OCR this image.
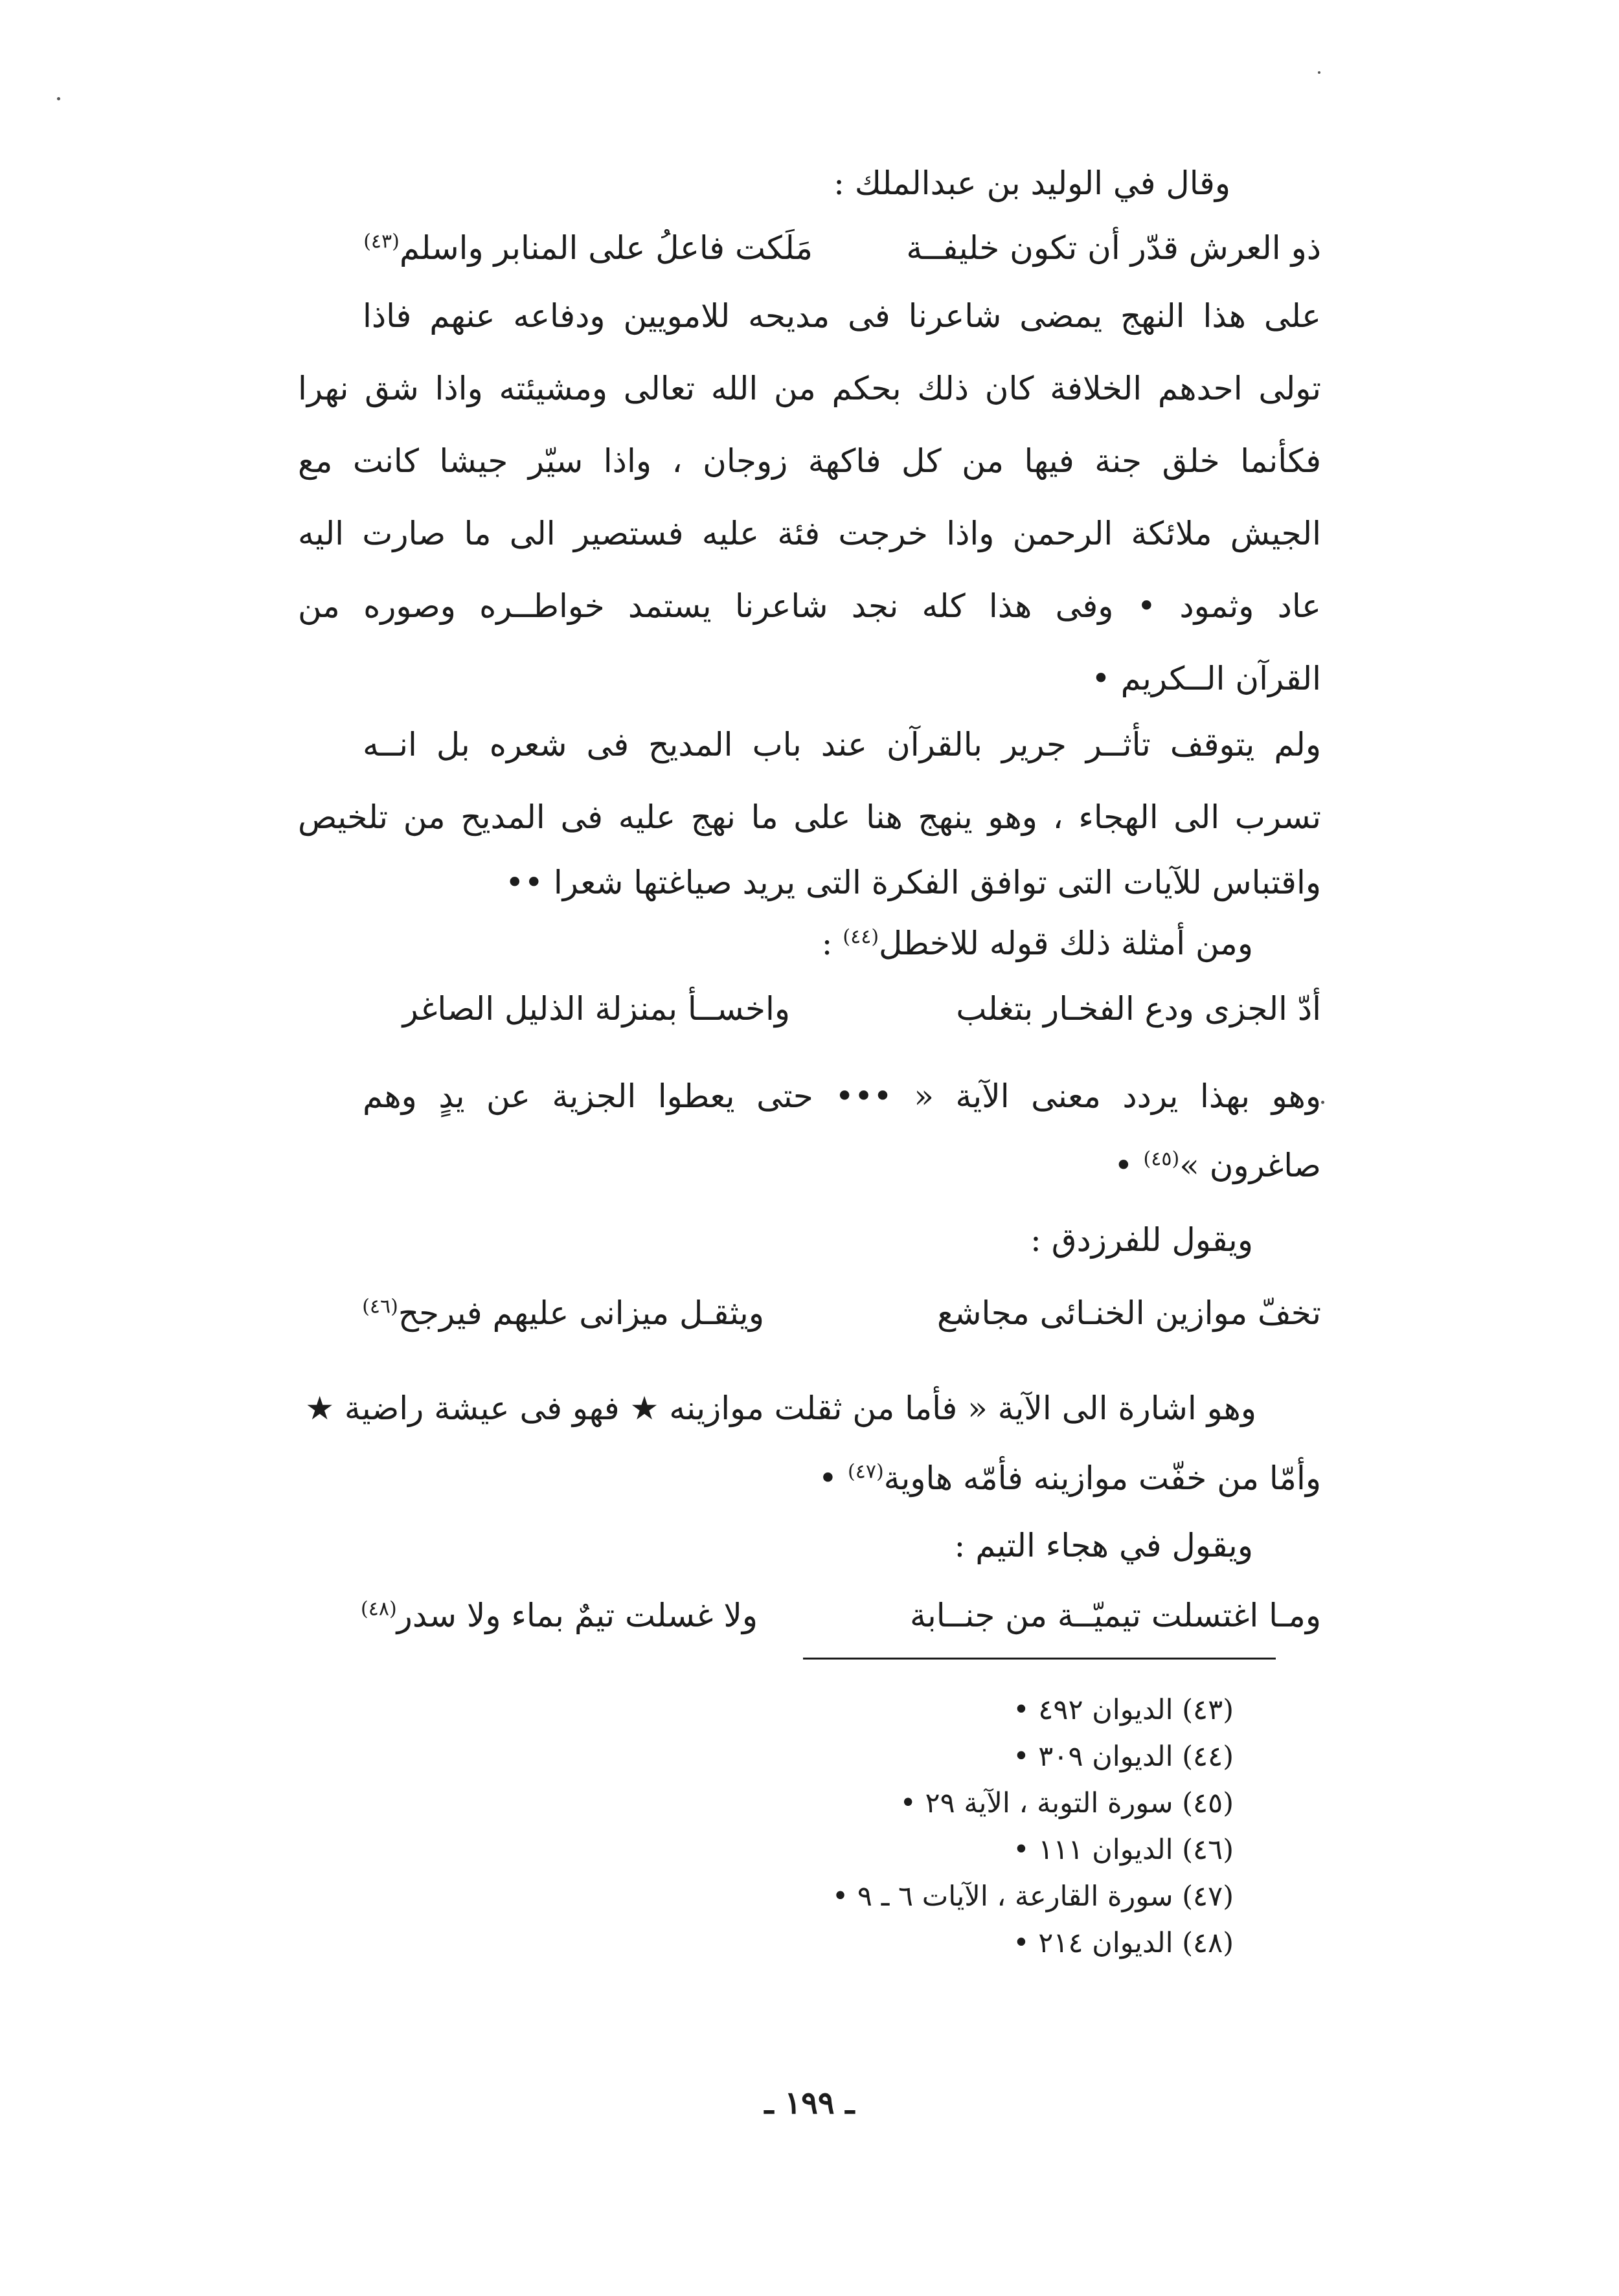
وقال في الوليد بن عبدالملك :
ذو العرش قدّر أن تكون خليفــة
مَلَكت فاعلُ على المنابر واسلم$^{(٤٣)}$
على هذا النهج يمضى شاعرنا فى مديحه للامويين ودفاعه عنهم فاذا
تولى احدهم الخلافة كان ذلك بحكم من الله تعالى ومشيئته واذا شق نهرا
فكأنما خلق جنة فيها من كل فاكهة زوجان ، واذا سيّر جيشا كانت مع
الجيش ملائكة الرحمن واذا خرجت فئة عليه فستصير الى ما صارت اليه
عاد وثمود • وفى هذا كله نجد شاعرنا يستمد خواطــره وصوره من
القرآن الــكريم •
ولم يتوقف تأثــر جرير بالقرآن عند باب المديح فى شعره بل انــه
تسرب الى الهجاء ، وهو ينهج هنا على ما نهج عليه فى المديح من تلخيص
واقتباس للآيات التى توافق الفكرة التى يريد صياغتها شعرا ••
ومن أمثلة ذلك قوله للاخطل$^{(٤٤)}$ :
أدّ الجزى ودع الفخـار بتغلب
واخســأ بمنزلة الذليل الصاغر
وهو بهذا يردد معنى الآية « ••• حتى يعطوا الجزية عن يدٍ وهم
صاغرون »$^{(٤٥)}$ •
ويقول للفرزدق :
تخفّ موازين الخنـائى مجاشع
ويثقـل ميزانى عليهم فيرجح$^{(٤٦)}$
وهو اشارة الى الآية « فأما من ثقلت موازينه ★ فهو فى عيشة راضية ★
وأمّا من خفّت موازينه فأمّه هاوية$^{(٤٧)}$ •
ويقول في هجاء التيم :
ومـا اغتسلت تيميّــة من جنــابة
ولا غسلت تيمٌ بماء ولا سدر$^{(٤٨)}$
(٤٣) الديوان ٤٩٢ •
(٤٤) الديوان ٣٠٩ •
(٤٥) سورة التوبة ، الآية ٢٩ •
(٤٦) الديوان ١١١ •
(٤٧) سورة القارعة ، الآيات ٦ ـ ٩ •
(٤٨) الديوان ٢١٤ •
ـ ١٩٩ ـ
